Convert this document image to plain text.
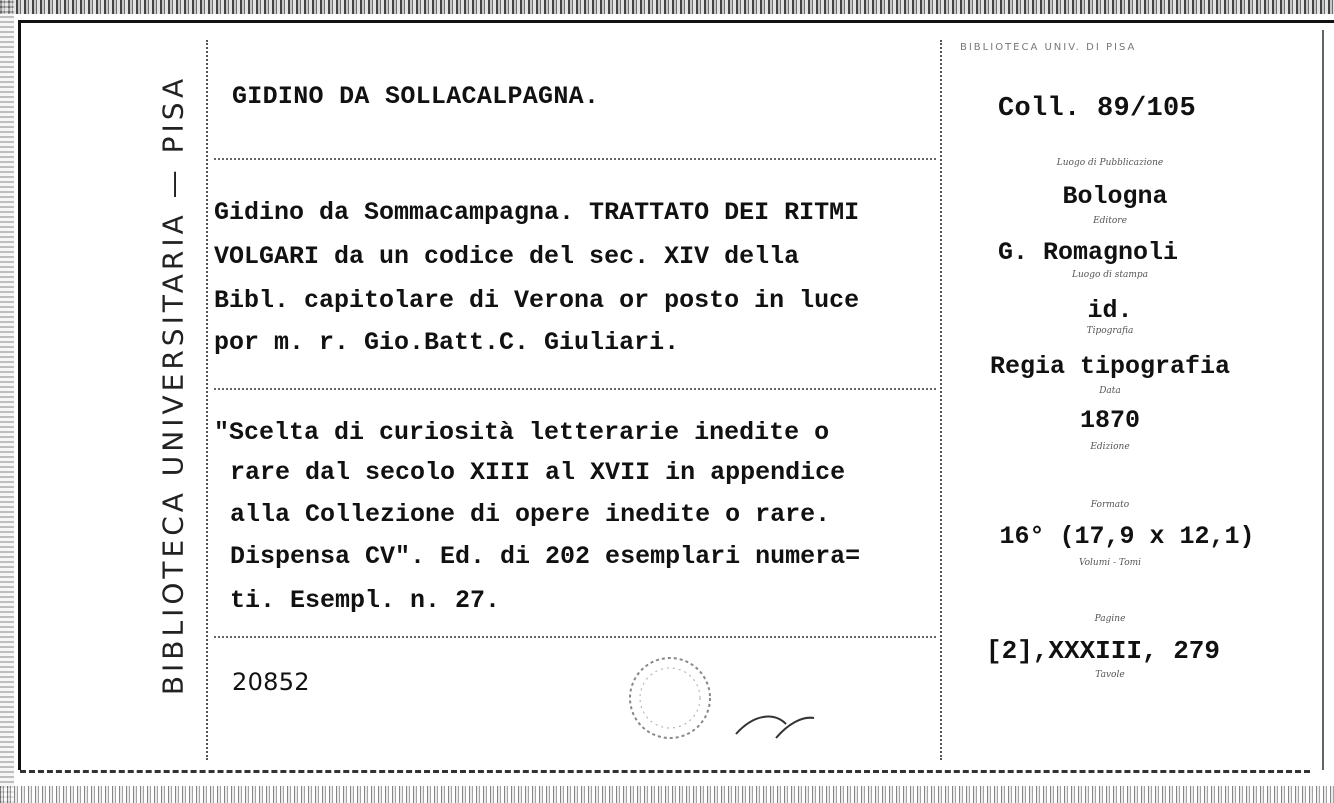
BIBLIOTECA UNIVERSITARIA — PISA
BIBLIOTECA UNIV. DI PISA
GIDINO DA SOLLACALPAGNA.	Coll. 89/105
Gidino da Sommacampagna. TRATTATO DEI RITMI
VOLGARI da un codice del sec. XIV della
Bibl. capitolare di Verona or posto in luce
por m. r. Gio.Batt.C. Giuliari.
"Scelta di curiosità letterarie inedite o
rare dal secolo XIII al XVII in appendice
alla Collezione di opere inedite o rare.
Dispensa CV". Ed. di 202 esemplari numera=
ti. Esempl. n. 27.
20852
Luogo di Pubblicazione
Bologna
Editore
G. Romagnoli
Luogo di stampa
id.
Tipografia
Regia tipografia
Data
1870
Edizione
Formato
16° (17,9 x 12,1)
Volumi - Tomi
Pagine
[2],XXXIII, 279
Tavole
